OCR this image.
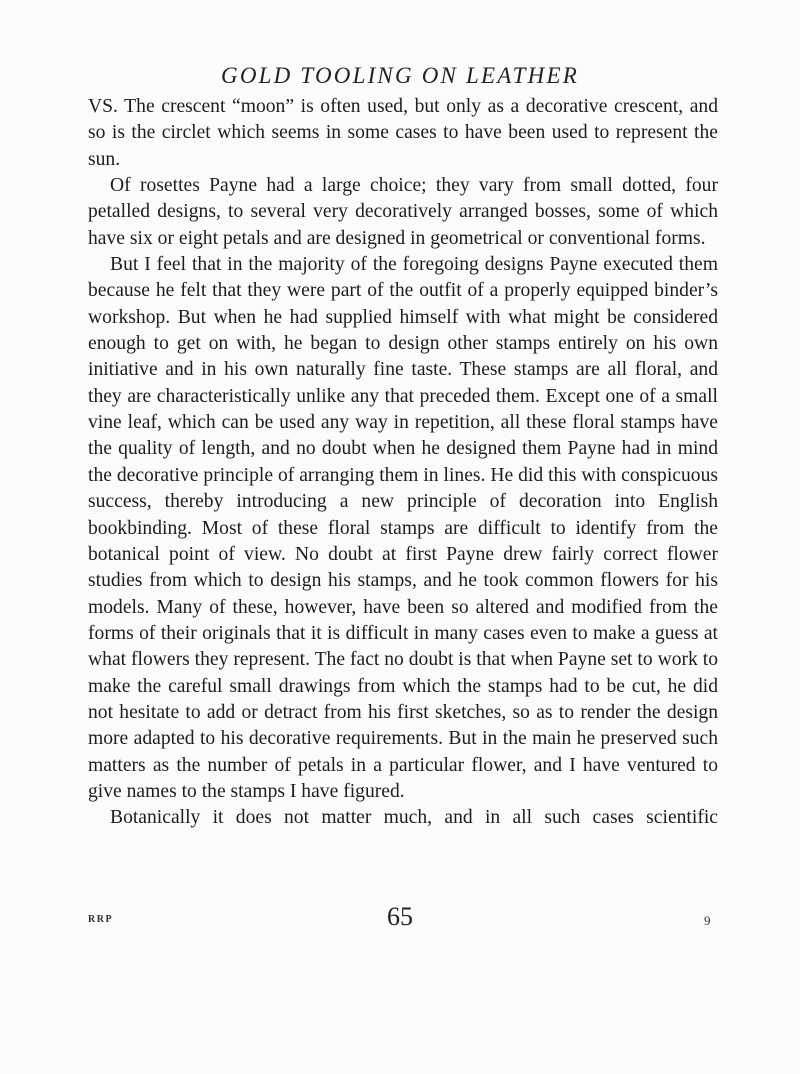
GOLD TOOLING ON LEATHER

VS. The crescent “moon” is often used, but only as a decorative crescent, and so is the circlet which seems in some cases to have been used to represent the sun.

Of rosettes Payne had a large choice; they vary from small dotted, four petalled designs, to several very decoratively arranged bosses, some of which have six or eight petals and are designed in geometrical or conventional forms.

But I feel that in the majority of the foregoing designs Payne executed them because he felt that they were part of the outfit of a properly equipped binder’s workshop. But when he had supplied himself with what might be considered enough to get on with, he began to design other stamps entirely on his own initiative and in his own naturally fine taste. These stamps are all floral, and they are characteristically unlike any that preceded them. Except one of a small vine leaf, which can be used any way in repetition, all these floral stamps have the quality of length, and no doubt when he designed them Payne had in mind the decorative principle of arranging them in lines. He did this with conspicuous success, thereby introducing a new principle of decoration into English bookbinding. Most of these floral stamps are difficult to identify from the botanical point of view. No doubt at first Payne drew fairly correct flower studies from which to design his stamps, and he took common flowers for his models. Many of these, however, have been so altered and modified from the forms of their originals that it is difficult in many cases even to make a guess at what flowers they represent. The fact no doubt is that when Payne set to work to make the careful small drawings from which the stamps had to be cut, he did not hesitate to add or detract from his first sketches, so as to render the design more adapted to his decorative requirements. But in the main he preserved such matters as the number of petals in a particular flower, and I have ventured to give names to the stamps I have figured.

Botanically it does not matter much, and in all such cases scientific

RRP	65	9
